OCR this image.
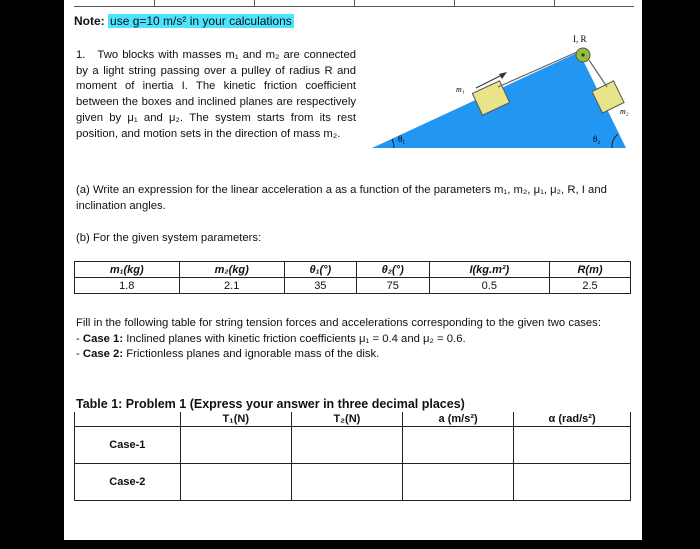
Note: use g=10 m/s² in your calculations
1. Two blocks with masses m₁ and m₂ are connected by a light string passing over a pulley of radius R and moment of inertia I. The kinetic friction coefficient between the boxes and inclined planes are respectively given by μ₁ and μ₂. The system starts from its rest position, and motion sets in the direction of mass m₂.
I, R
m₁
m₂
θ₁	θ₂
(a) Write an expression for the linear acceleration a as a function of the parameters m₁, m₂, μ₁, μ₂, R, I and inclination angles.
(b) For the given system parameters:
m₁(kg)	m₂(kg)	θ₁(°)	θ₂(°)	I(kg.m²)	R(m)
1.8	2.1	35	75	0.5	2.5
Fill in the following table for string tension forces and accelerations corresponding to the given two cases:
- Case 1: Inclined planes with kinetic friction coefficients μ₁ = 0.4 and μ₂ = 0.6.
- Case 2: Frictionless planes and ignorable mass of the disk.
Table 1: Problem 1 (Express your answer in three decimal places)
	T₁(N)	T₂(N)	a (m/s²)	α (rad/s²)
Case-1				
Case-2				
